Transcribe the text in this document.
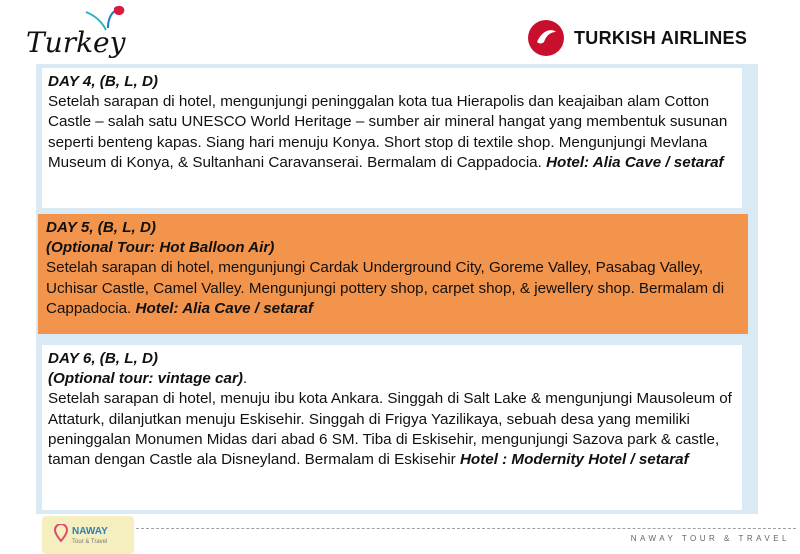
Turkey	TURKISH AIRLINES
DAY 4, (B, L, D)
Setelah sarapan di hotel, mengunjungi peninggalan kota tua Hierapolis dan keajaiban alam Cotton Castle – salah satu UNESCO World Heritage – sumber air mineral hangat yang membentuk susunan seperti benteng kapas. Siang hari menuju Konya. Short stop di textile shop. Mengunjungi Mevlana Museum di Konya, & Sultanhani Caravanserai. Bermalam di Cappadocia. Hotel: Alia Cave / setaraf
DAY 5, (B, L, D)
(Optional Tour: Hot Balloon Air)
Setelah sarapan di hotel, mengunjungi Cardak Underground City, Goreme Valley, Pasabag Valley, Uchisar Castle, Camel Valley. Mengunjungi pottery shop, carpet shop, & jewellery shop. Bermalam di Cappadocia. Hotel: Alia Cave / setaraf
DAY 6, (B, L, D)
(Optional tour: vintage car).
Setelah sarapan di hotel, menuju ibu kota Ankara. Singgah di Salt Lake & mengunjungi Mausoleum of Attaturk, dilanjutkan menuju Eskisehir. Singgah di Frigya Yazilikaya, sebuah desa yang memiliki peninggalan Monumen Midas dari abad 6 SM. Tiba di Eskisehir, mengunjungi Sazova park & castle, taman dengan Castle ala Disneyland. Bermalam di Eskisehir Hotel : Modernity Hotel / setaraf
NAWAY
Tour & Travel	NAWAY TOUR & TRAVEL
